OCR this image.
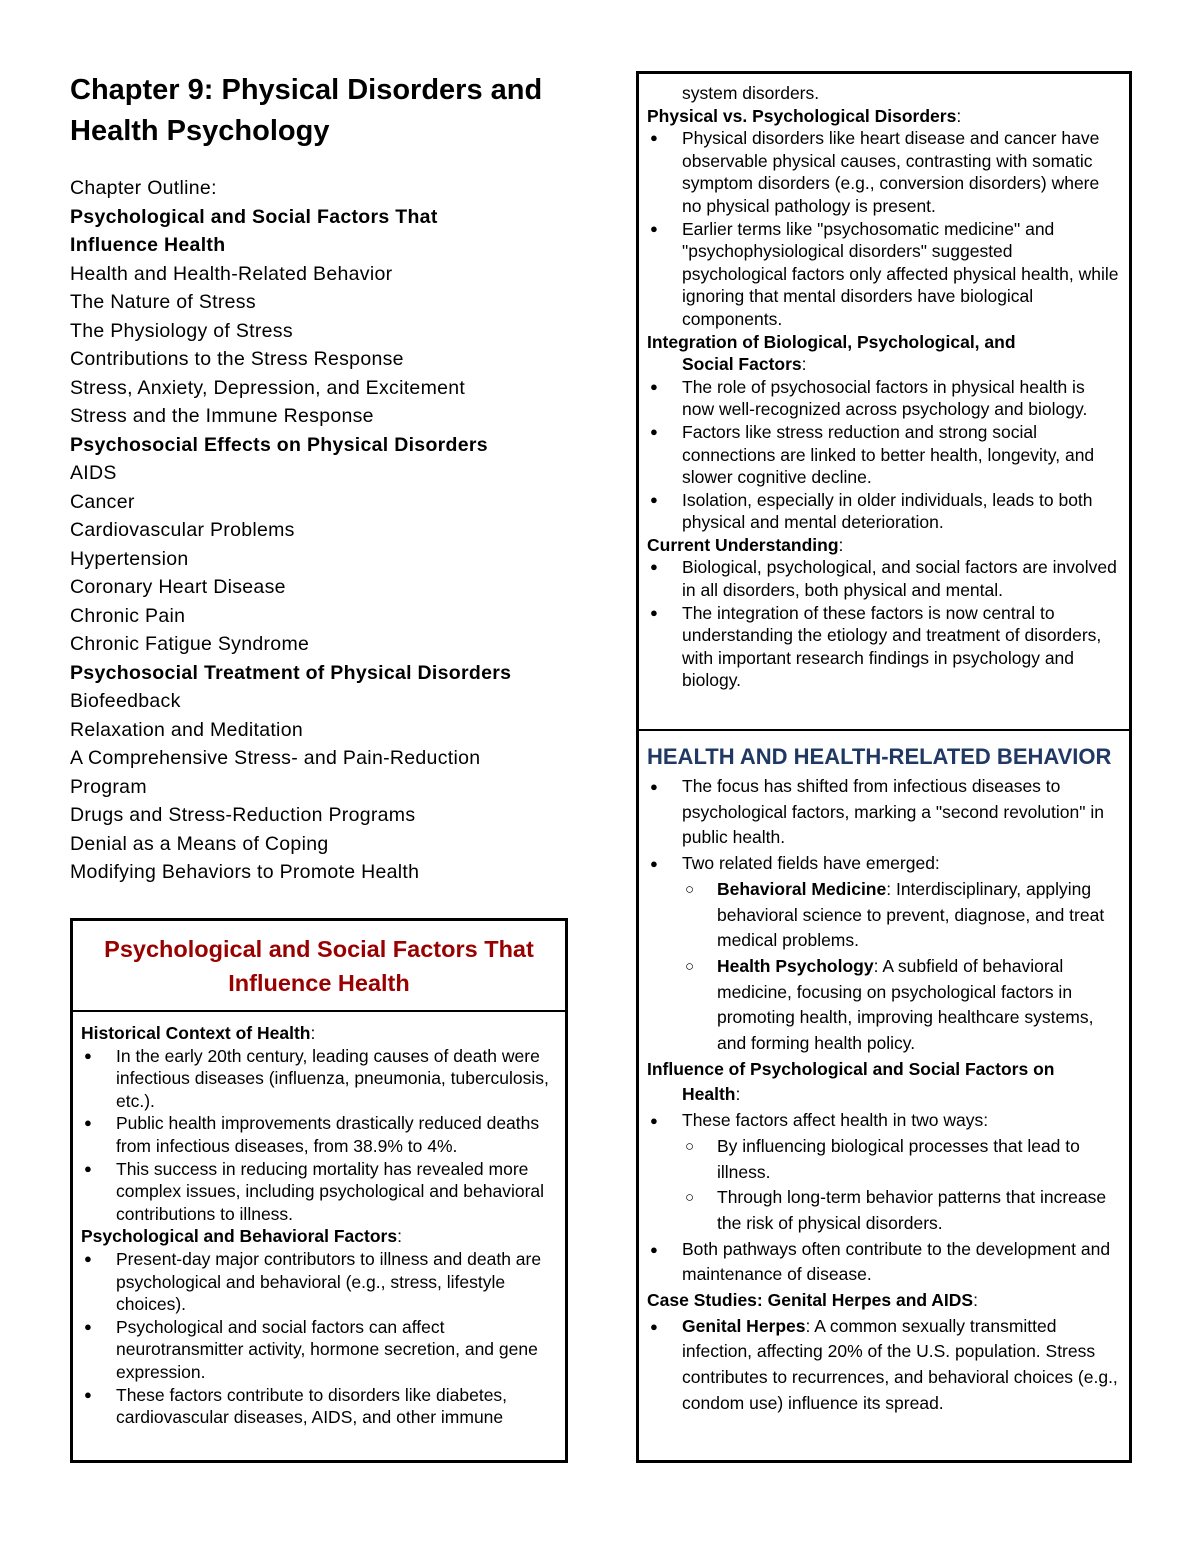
Chapter 9: Physical Disorders and Health Psychology
Chapter Outline:
Psychological and Social Factors That
Influence Health
Health and Health-Related Behavior
The Nature of Stress
The Physiology of Stress
Contributions to the Stress Response
Stress, Anxiety, Depression, and Excitement
Stress and the Immune Response
Psychosocial Effects on Physical Disorders
AIDS
Cancer
Cardiovascular Problems
Hypertension
Coronary Heart Disease
Chronic Pain
Chronic Fatigue Syndrome
Psychosocial Treatment of Physical Disorders
Biofeedback
Relaxation and Meditation
A Comprehensive Stress- and Pain-Reduction
Program
Drugs and Stress-Reduction Programs
Denial as a Means of Coping
Modifying Behaviors to Promote Health
Psychological and Social Factors That Influence Health
Historical Context of Health:
● In the early 20th century, leading causes of death were infectious diseases (influenza, pneumonia, tuberculosis, etc.).
● Public health improvements drastically reduced deaths from infectious diseases, from 38.9% to 4%.
● This success in reducing mortality has revealed more complex issues, including psychological and behavioral contributions to illness.
Psychological and Behavioral Factors:
● Present-day major contributors to illness and death are psychological and behavioral (e.g., stress, lifestyle choices).
● Psychological and social factors can affect neurotransmitter activity, hormone secretion, and gene expression.
● These factors contribute to disorders like diabetes, cardiovascular diseases, AIDS, and other immune
system disorders.
Physical vs. Psychological Disorders:
● Physical disorders like heart disease and cancer have observable physical causes, contrasting with somatic symptom disorders (e.g., conversion disorders) where no physical pathology is present.
● Earlier terms like "psychosomatic medicine" and "psychophysiological disorders" suggested psychological factors only affected physical health, while ignoring that mental disorders have biological components.
Integration of Biological, Psychological, and
Social Factors:
● The role of psychosocial factors in physical health is now well-recognized across psychology and biology.
● Factors like stress reduction and strong social connections are linked to better health, longevity, and slower cognitive decline.
● Isolation, especially in older individuals, leads to both physical and mental deterioration.
Current Understanding:
● Biological, psychological, and social factors are involved in all disorders, both physical and mental.
● The integration of these factors is now central to understanding the etiology and treatment of disorders, with important research findings in psychology and biology.
HEALTH AND HEALTH-RELATED BEHAVIOR
● The focus has shifted from infectious diseases to psychological factors, marking a "second revolution" in public health.
● Two related fields have emerged:
○ Behavioral Medicine: Interdisciplinary, applying behavioral science to prevent, diagnose, and treat medical problems.
○ Health Psychology: A subfield of behavioral medicine, focusing on psychological factors in promoting health, improving healthcare systems, and forming health policy.
Influence of Psychological and Social Factors on
Health:
● These factors affect health in two ways:
○ By influencing biological processes that lead to illness.
○ Through long-term behavior patterns that increase the risk of physical disorders.
● Both pathways often contribute to the development and maintenance of disease.
Case Studies: Genital Herpes and AIDS:
● Genital Herpes: A common sexually transmitted infection, affecting 20% of the U.S. population. Stress contributes to recurrences, and behavioral choices (e.g., condom use) influence its spread.
